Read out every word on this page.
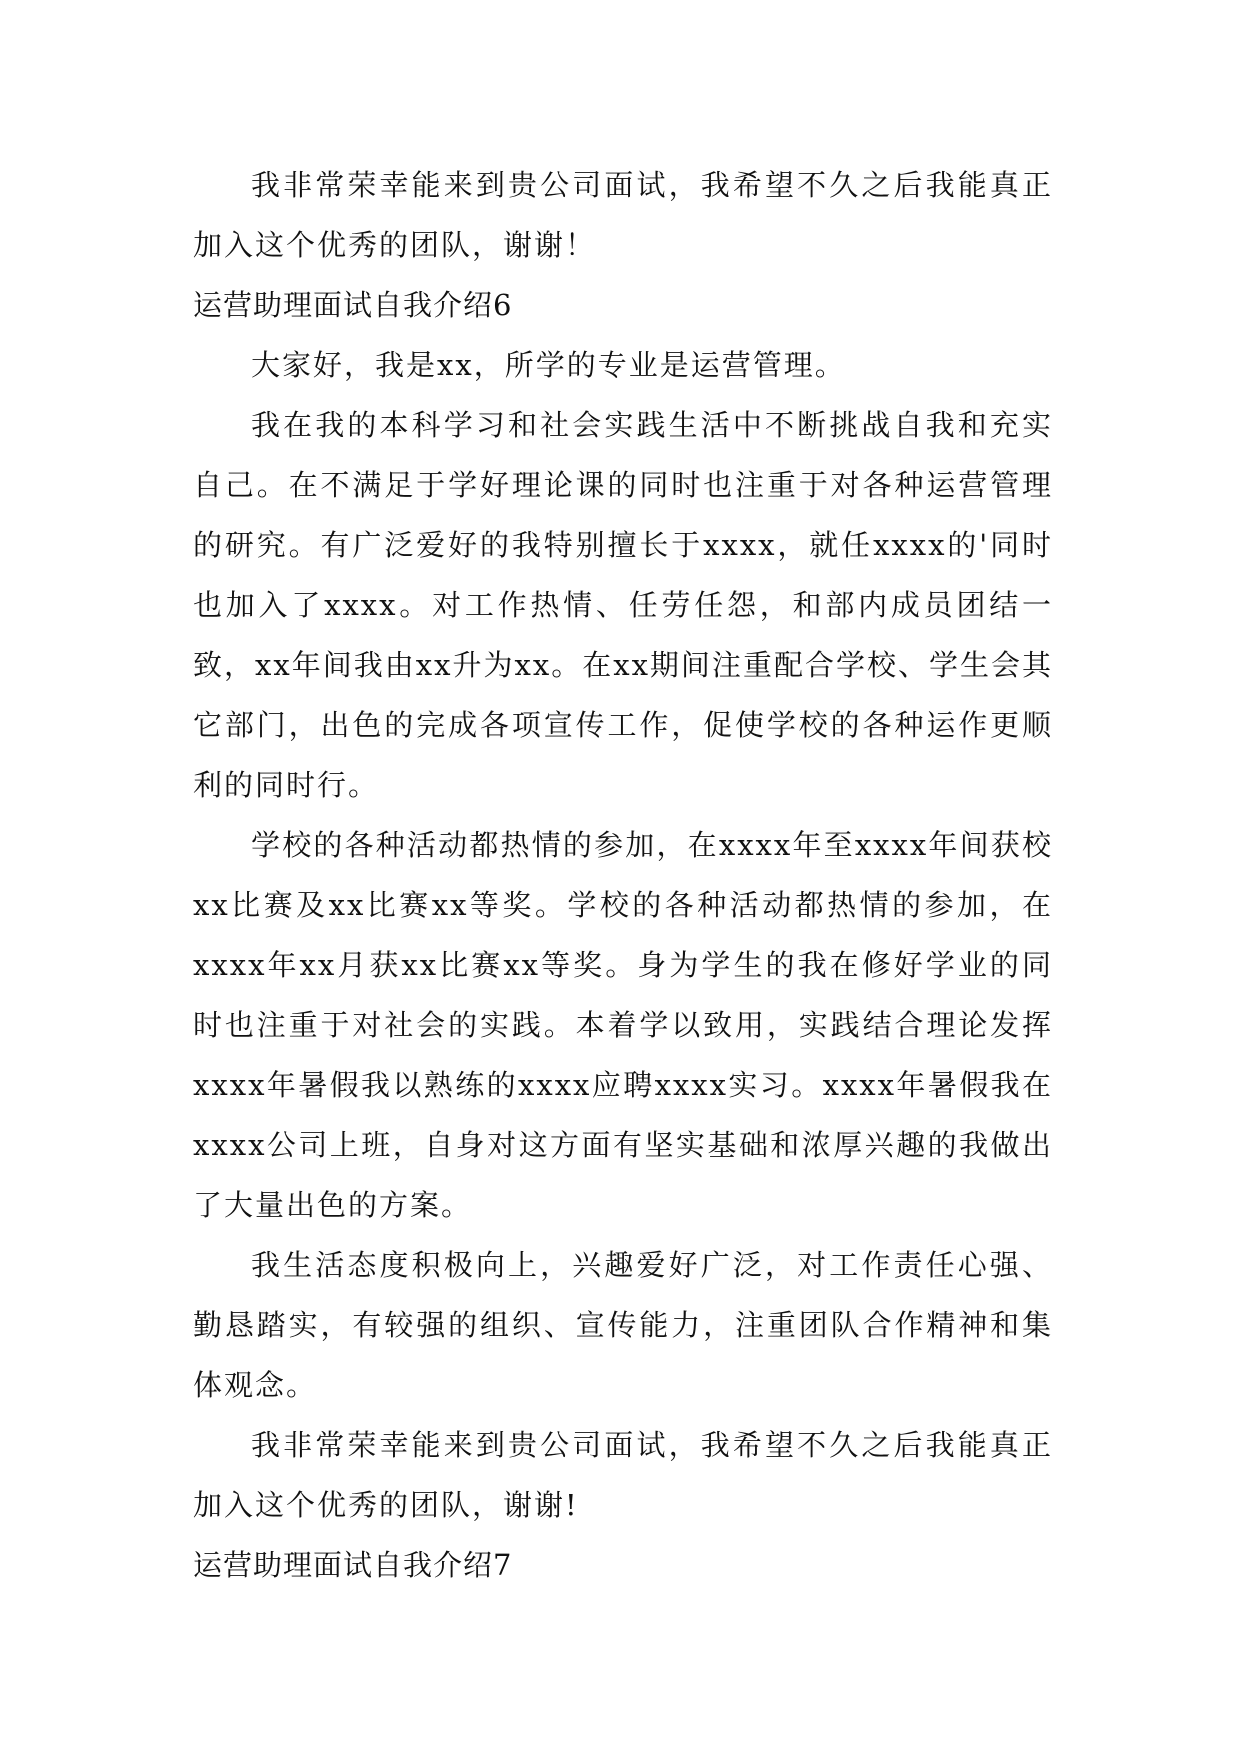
我非常荣幸能来到贵公司面试，我希望不久之后我能真正加入这个优秀的团队，谢谢！

运营助理面试自我介绍6

大家好，我是xx，所学的专业是运营管理。

我在我的本科学习和社会实践生活中不断挑战自我和充实自己。在不满足于学好理论课的同时也注重于对各种运营管理的研究。有广泛爱好的我特别擅长于xxxx，就任xxxx的'同时也加入了xxxx。对工作热情、任劳任怨，和部内成员团结一致，xx年间我由xx升为xx。在xx期间注重配合学校、学生会其它部门，出色的完成各项宣传工作，促使学校的各种运作更顺利的同时行。

学校的各种活动都热情的参加，在xxxx年至xxxx年间获校xx比赛及xx比赛xx等奖。学校的各种活动都热情的参加，在xxxx年xx月获xx比赛xx等奖。身为学生的我在修好学业的同时也注重于对社会的实践。本着学以致用，实践结合理论发挥xxxx年暑假我以熟练的xxxx应聘xxxx实习。xxxx年暑假我在xxxx公司上班，自身对这方面有坚实基础和浓厚兴趣的我做出了大量出色的方案。

我生活态度积极向上，兴趣爱好广泛，对工作责任心强、勤恳踏实，有较强的组织、宣传能力，注重团队合作精神和集体观念。

我非常荣幸能来到贵公司面试，我希望不久之后我能真正加入这个优秀的团队，谢谢!

运营助理面试自我介绍7
